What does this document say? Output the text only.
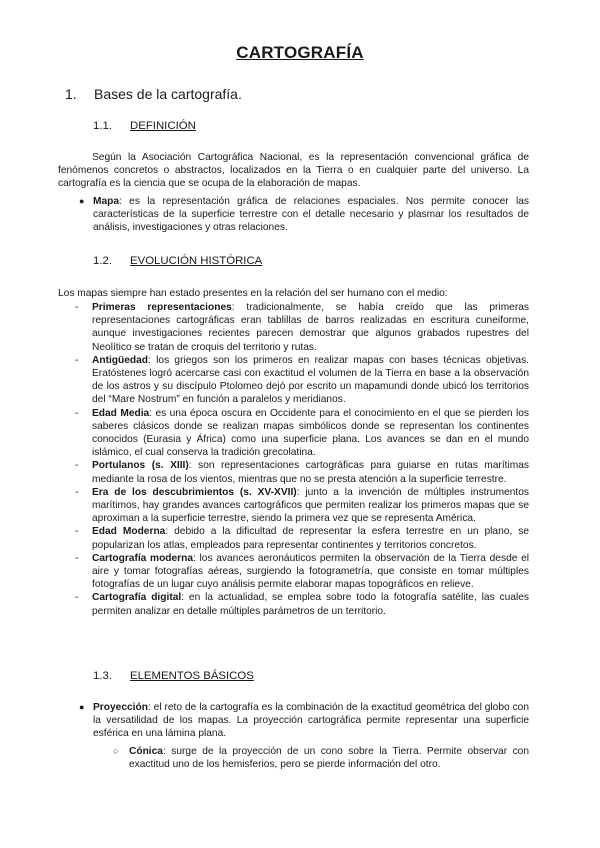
CARTOGRAFÍA
1. Bases de la cartografía.
1.1. DEFINICIÓN

Según la Asociación Cartográfica Nacional, es la representación convencional gráfica de fenómenos concretos o abstractos, localizados en la Tierra o en cualquier parte del universo. La cartografía es la ciencia que se ocupa de la elaboración de mapas.

● Mapa: es la representación gráfica de relaciones espaciales. Nos permite conocer las características de la superficie terrestre con el detalle necesario y plasmar los resultados de análisis, investigaciones y otras relaciones.

1.2. EVOLUCIÓN HISTÓRICA

Los mapas siempre han estado presentes en la relación del ser humano con el medio:

- Primeras representaciones: tradicionalmente, se había creído que las primeras representaciones cartográficas eran tablillas de barros realizadas en escritura cuneiforme, aunque investigaciones recientes parecen demostrar que algunos grabados rupestres del Neolítico se tratan de croquis del territorio y rutas.
- Antigüedad: los griegos son los primeros en realizar mapas con bases técnicas objetivas. Eratóstenes logró acercarse casi con exactitud el volumen de la Tierra en base a la observación de los astros y su discípulo Ptolomeo dejó por escrito un mapamundi donde ubicó los territorios del “Mare Nostrum” en función a paralelos y meridianos.
- Edad Media: es una época oscura en Occidente para el conocimiento en el que se pierden los saberes clásicos donde se realizan mapas simbólicos donde se representan los continentes conocidos (Eurasia y África) como una superficie plana. Los avances se dan en el mundo islámico, el cual conserva la tradición grecolatina.
- Portulanos (s. XIII): son representaciones cartográficas para guiarse en rutas marítimas mediante la rosa de los vientos, mientras que no se presta atención a la superficie terrestre.
- Era de los descubrimientos (s. XV-XVII): junto a la invención de múltiples instrumentos marítimos, hay grandes avances cartográficos que permiten realizar los primeros mapas que se aproximan a la superficie terrestre, siendo la primera vez que se representa América.
- Edad Moderna: debido a la dificultad de representar la esfera terrestre en un plano, se popularizan los atlas, empleados para representar continentes y territorios concretos.
- Cartografía moderna: los avances aeronáuticos permiten la observación de la Tierra desde el aire y tomar fotografías aéreas, surgiendo la fotogrametría, que consiste en tomar múltiples fotografías de un lugar cuyo análisis permite elaborar mapas topográficos en relieve.
- Cartografía digital: en la actualidad, se emplea sobre todo la fotografía satélite, las cuales permiten analizar en detalle múltiples parámetros de un territorio.
1.3. ELEMENTOS BÁSICOS
● Proyección: el reto de la cartografía es la combinación de la exactitud geométrica del globo con la versatilidad de los mapas. La proyección cartográfica permite representar una superficie esférica en una lámina plana.

○ Cónica: surge de la proyección de un cono sobre la Tierra. Permite observar con exactitud uno de los hemisferios, pero se pierde información del otro.
